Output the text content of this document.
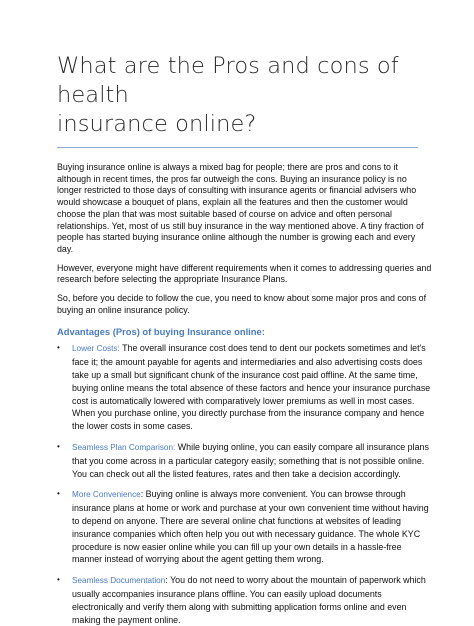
What are the Pros and cons of health
insurance online?

Buying insurance online is always a mixed bag for people; there are pros and cons to it although in recent times, the pros far outweigh the cons. Buying an insurance policy is no longer restricted to those days of consulting with insurance agents or financial advisers who would showcase a bouquet of plans, explain all the features and then the customer would choose the plan that was most suitable based of course on advice and often personal relationships. Yet, most of us still buy insurance in the way mentioned above. A tiny fraction of people has started buying insurance online although the number is growing each and every day.

However, everyone might have different requirements when it comes to addressing queries and research before selecting the appropriate Insurance Plans.

So, before you decide to follow the cue, you need to know about some major pros and cons of buying an online insurance policy.

Advantages (Pros) of buying Insurance online:
• Lower Costs: The overall insurance cost does tend to dent our pockets sometimes and let's face it; the amount payable for agents and intermediaries and also advertising costs does take up a small but significant chunk of the insurance cost paid offline. At the same time, buying online means the total absence of these factors and hence your insurance purchase cost is automatically lowered with comparatively lower premiums as well in most cases. When you purchase online, you directly purchase from the insurance company and hence the lower costs in some cases.
• Seamless Plan Comparison: While buying online, you can easily compare all insurance plans that you come across in a particular category easily; something that is not possible online. You can check out all the listed features, rates and then take a decision accordingly.
• More Convenience: Buying online is always more convenient. You can browse through insurance plans at home or work and purchase at your own convenient time without having to depend on anyone. There are several online chat functions at websites of leading insurance companies which often help you out with necessary guidance. The whole KYC procedure is now easier online while you can fill up your own details in a hassle-free manner instead of worrying about the agent getting them wrong.
• Seamless Documentation: You do not need to worry about the mountain of paperwork which usually accompanies insurance plans offline. You can easily upload documents electronically and verify them along with submitting application forms online and even making the payment online.
